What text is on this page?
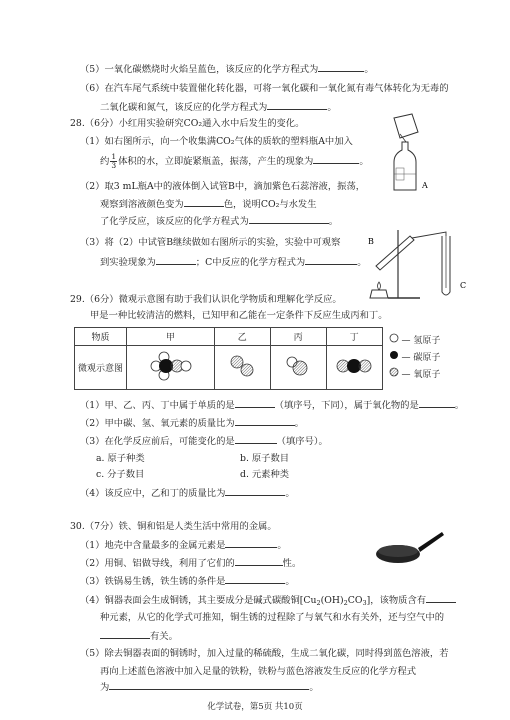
（5）一氧化碳燃烧时火焰呈蓝色，该反应的化学方程式为	。
（6）在汽车尾气系统中装置催化转化器，可将一氧化碳和一氧化氮有毒气体转化为无毒的
二氧化碳和氮气，该反应的化学方程式为	。
28.（6分）小红用实验研究CO₂通入水中后发生的变化。
（1）如右图所示，向一个收集满CO₂气体的质软的塑料瓶A中加入
约 $\frac{1}{3}$ 体积的水，立即旋紧瓶盖，振荡，产生的现象为	。
（2）取3 mL瓶A中的液体倒入试管B中，滴加紫色石蕊溶液，振荡，
观察到溶液颜色变为	色，说明CO₂与水发生
了化学反应，该反应的化学方程式为	。
（3）将（2）中试管B继续做如右图所示的实验，实验中可观察
到实验现象为	；C中反应的化学方程式为	。
A
B
C
29.（6分）微观示意图有助于我们认识化学物质和理解化学反应。
甲是一种比较清洁的燃料，已知甲和乙能在一定条件下反应生成丙和丁。
物质	甲	乙	丙	丁	— 氢原子
— 碳原子
— 氧原子

微观示意图				
（1）甲、乙、丙、丁中属于单质的是	（填序号，下同），属于氧化物的是	。
（2）甲中碳、氢、氧元素的质量比为	。
（3）在化学反应前后，可能变化的是	（填序号）。
a. 原子种类	b. 原子数目
c. 分子数目	d. 元素种类
（4）该反应中，乙和丁的质量比为	。
30.（7分）铁、铜和铝是人类生活中常用的金属。
（1）地壳中含量最多的金属元素是	。
（2）用铜、铝做导线，利用了它们的	性。
（3）铁锅易生锈，铁生锈的条件是	。
（4）铜器表面会生成铜锈，其主要成分是碱式碳酸铜$[Cu_2(OH)_2CO_3]$，该物质含有
种元素，从它的化学式可推知，铜生锈的过程除了与氧气和水有关外，还与空气中的
有关。
（5）除去铜器表面的铜锈时，加入过量的稀硫酸，生成二氧化碳，同时得到蓝色溶液，若
再向上述蓝色溶液中加入足量的铁粉，铁粉与蓝色溶液发生反应的化学方程式
为	。
化学试卷，第5页 共10页
